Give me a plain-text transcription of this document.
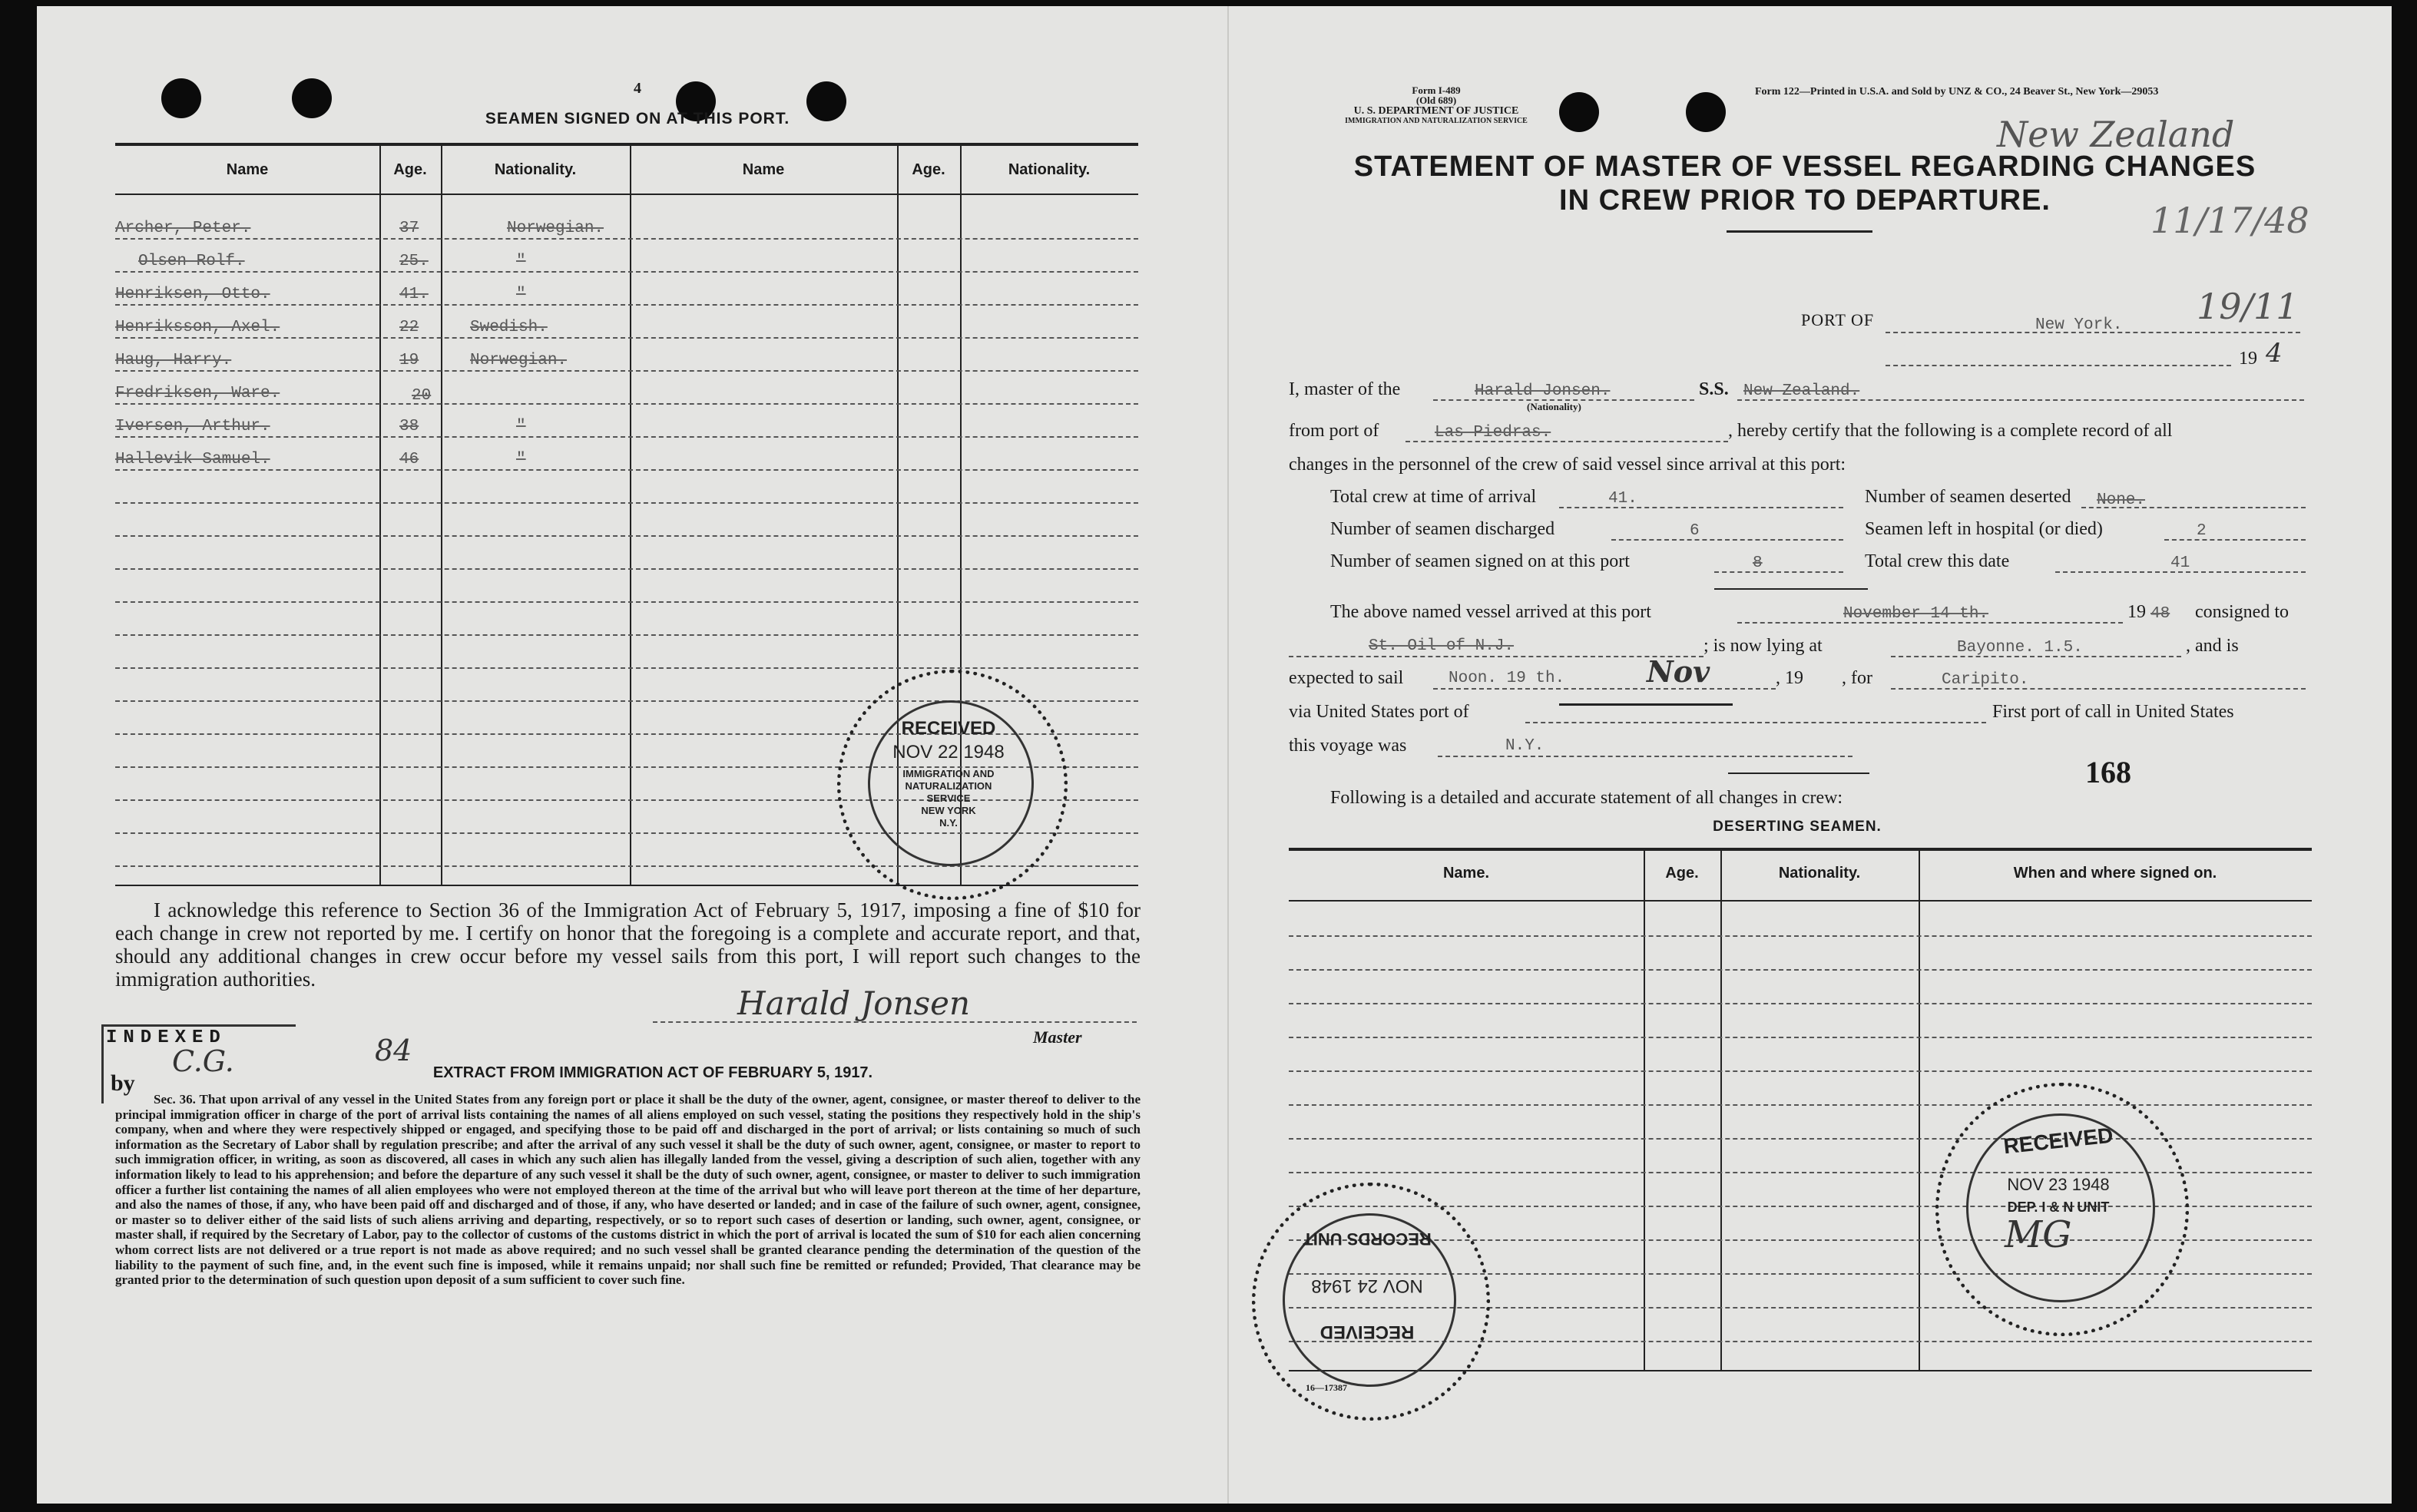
4
SEAMEN SIGNED ON AT THIS PORT.
Name	Age.	Nationality.	Name	Age.	Nationality.
Archer, Peter.	37	Norwegian.
Olsen Rolf.	25.	"
Henriksen, Otto.	41.	"
Henriksson, Axel.	22	Swedish.
Haug, Harry.	19	Norwegian.
Fredriksen, Ware.	20
Iversen, Arthur.	38	"
Hallevik Samuel.	46	"
RECEIVED
NOV 22 1948
IMMIGRATION AND
NATURALIZATION
SERVICE
NEW YORK
N.Y.
I acknowledge this reference to Section 36 of the Immigration Act of February 5, 1917, imposing a fine of $10 for each change in crew not reported by me. I certify on honor that the foregoing is a complete and accurate report, and that, should any additional changes in crew occur before my vessel sails from this port, I will report such changes to the immigration authorities.
Harald Jonsen
Master
INDEXED
by
C.G.	84
EXTRACT FROM IMMIGRATION ACT OF FEBRUARY 5, 1917.
Sec. 36. That upon arrival of any vessel in the United States from any foreign port or place it shall be the duty of the owner, agent, consignee, or master thereof to deliver to the principal immigration officer in charge of the port of arrival lists containing the names of all aliens employed on such vessel, stating the positions they respectively hold in the ship's company, when and where they were respectively shipped or engaged, and specifying those to be paid off and discharged in the port of arrival; or lists containing so much of such information as the Secretary of Labor shall by regulation prescribe; and after the arrival of any such vessel it shall be the duty of such owner, agent, consignee, or master to report to such immigration officer, in writing, as soon as discovered, all cases in which any such alien has illegally landed from the vessel, giving a description of such alien, together with any information likely to lead to his apprehension; and before the departure of any such vessel it shall be the duty of such owner, agent, consignee, or master to deliver to such immigration officer a further list containing the names of all alien employees who were not employed thereon at the time of the arrival but who will leave port thereon at the time of her departure, and also the names of those, if any, who have been paid off and discharged and of those, if any, who have deserted or landed; and in case of the failure of such owner, agent, consignee, or master so to deliver either of the said lists of such aliens arriving and departing, respectively, or so to report such cases of desertion or landing, such owner, agent, consignee, or master shall, if required by the Secretary of Labor, pay to the collector of customs of the customs district in which the port of arrival is located the sum of $10 for each alien concerning whom correct lists are not delivered or a true report is not made as above required; and no such vessel shall be granted clearance pending the determination of the question of the liability to the payment of such fine, and, in the event such fine is imposed, while it remains unpaid; nor shall such fine be remitted or refunded; Provided, That clearance may be granted prior to the determination of such question upon deposit of a sum sufficient to cover such fine.
Form I-489
(Old 689)
U. S. DEPARTMENT OF JUSTICE
IMMIGRATION AND NATURALIZATION SERVICE
Form 122—Printed in U.S.A. and Sold by UNZ & CO., 24 Beaver St., New York—29053
New Zealand
11/17/48
STATEMENT OF MASTER OF VESSEL REGARDING CHANGES
IN CREW PRIOR TO DEPARTURE.
PORT OF	New York. 19/11
19 4
I, master of the	Harald Jonsen.
(Nationality)
S.S. New Zealand.
from port of	Las Piedras.	, hereby certify that the following is a complete record of all
changes in the personnel of the crew of said vessel since arrival at this port:
Total crew at time of arrival	41.	Number of seamen deserted None.
Number of seamen discharged	6	Seamen left in hospital (or died)	2
Number of seamen signed on at this port	8	Total crew this date	41
The above named vessel arrived at this port	November 14 th.	19 48 consigned to
St. Oil of N.J.	; is now lying at	Bayonne. 1.5.	, and is
expected to sail	Noon. 19 th.	Nov	, 19 , for	Caripito.
via United States port of	First port of call in United States
this voyage was	N.Y.
168
Following is a detailed and accurate statement of all changes in crew:
DESERTING SEAMEN.
Name.	Age.	Nationality.	When and where signed on.
16—17387
RECORDS UNIT
NOV 24 1948
RECEIVED
RECEIVED
NOV 23 1948
DEP. I & N UNIT
MG
